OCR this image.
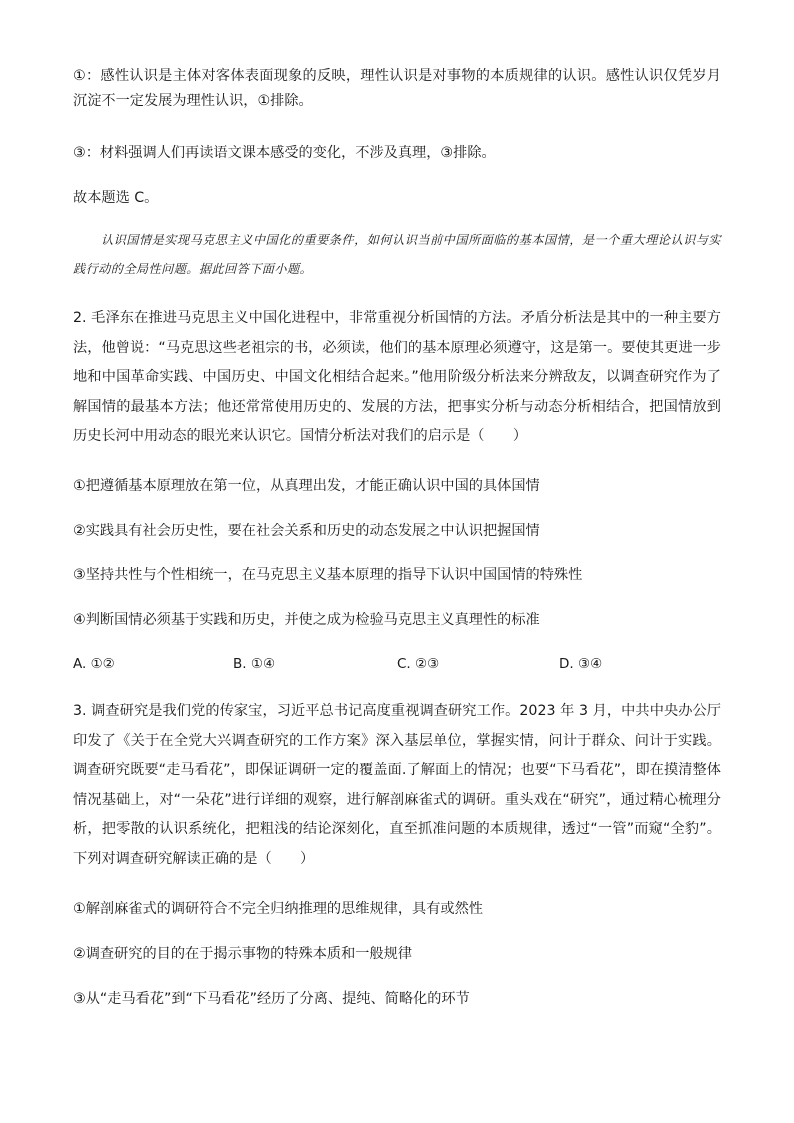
①：感性认识是主体对客体表面现象的反映，理性认识是对事物的本质规律的认识。感性认识仅凭岁月沉淀不一定发展为理性认识，①排除。

③：材料强调人们再读语文课本感受的变化，不涉及真理，③排除。

故本题选 C。

认识国情是实现马克思主义中国化的重要条件，如何认识当前中国所面临的基本国情，是一个重大理论认识与实践行动的全局性问题。据此回答下面小题。

2. 毛泽东在推进马克思主义中国化进程中，非常重视分析国情的方法。矛盾分析法是其中的一种主要方法，他曾说：“马克思这些老祖宗的书，必须读，他们的基本原理必须遵守，这是第一。要使其更进一步地和中国革命实践、中国历史、中国文化相结合起来。”他用阶级分析法来分辨敌友，以调查研究作为了解国情的最基本方法；他还常常使用历史的、发展的方法，把事实分析与动态分析相结合，把国情放到历史长河中用动态的眼光来认识它。国情分析法对我们的启示是（　　）

①把遵循基本原理放在第一位，从真理出发，才能正确认识中国的具体国情

②实践具有社会历史性，要在社会关系和历史的动态发展之中认识把握国情

③坚持共性与个性相统一，在马克思主义基本原理的指导下认识中国国情的特殊性

④判断国情必须基于实践和历史，并使之成为检验马克思主义真理性的标准

A. ①②	B. ①④	C. ②③	D. ③④

3. 调查研究是我们党的传家宝，习近平总书记高度重视调查研究工作。2023 年 3 月，中共中央办公厅印发了《关于在全党大兴调查研究的工作方案》深入基层单位，掌握实情，问计于群众、问计于实践。调查研究既要“走马看花”，即保证调研一定的覆盖面.了解面上的情况；也要“下马看花”，即在摸清整体情况基础上，对“一朵花”进行详细的观察，进行解剖麻雀式的调研。重头戏在“研究”，通过精心梳理分析，把零散的认识系统化，把粗浅的结论深刻化，直至抓准问题的本质规律，透过“一管”而窥“全豹”。下列对调查研究解读正确的是（　　）

①解剖麻雀式的调研符合不完全归纳推理的思维规律，具有或然性

②调查研究的目的在于揭示事物的特殊本质和一般规律

③从“走马看花”到“下马看花”经历了分离、提纯、简略化的环节
